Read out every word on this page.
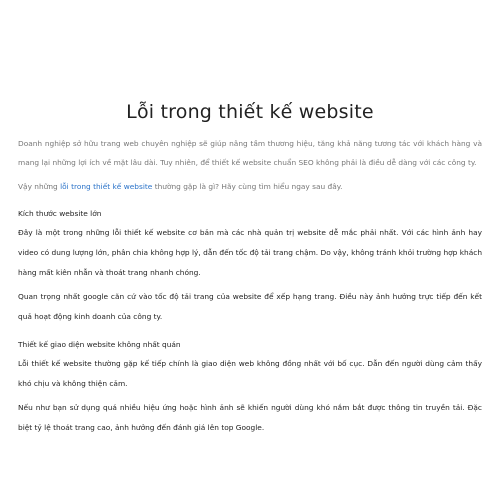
Lỗi trong thiết kế website

Doanh nghiệp sở hữu trang web chuyên nghiệp sẽ giúp nâng tầm thương hiệu, tăng khả năng tương tác với khách hàng và mang lại những lợi ích về mặt lâu dài. Tuy nhiên, để thiết kế website chuẩn SEO không phải là điều dễ dàng với các công ty.

Vậy những lỗi trong thiết kế website thường gặp là gì? Hãy cùng tìm hiểu ngay sau đây.

Kích thước website lớn

Đây là một trong những lỗi thiết kế website cơ bản mà các nhà quản trị website dễ mắc phải nhất. Với các hình ảnh hay video có dung lượng lớn, phân chia không hợp lý, dẫn đến tốc độ tải trang chậm. Do vậy, không tránh khỏi trường hợp khách hàng mất kiên nhẫn và thoát trang nhanh chóng.

Quan trọng nhất google căn cứ vào tốc độ tải trang của website để xếp hạng trang. Điều này ảnh hưởng trực tiếp đến kết quả hoạt động kinh doanh của công ty.

Thiết kế giao diện website không nhất quán

Lỗi thiết kế website thường gặp kế tiếp chính là giao diện web không đồng nhất với bố cục. Dẫn đến người dùng cảm thấy khó chịu và không thiện cảm.

Nếu như bạn sử dụng quá nhiều hiệu ứng hoặc hình ảnh sẽ khiến người dùng khó nắm bắt được thông tin truyền tải. Đặc biệt tỷ lệ thoát trang cao, ảnh hưởng đến đánh giá lên top Google.
